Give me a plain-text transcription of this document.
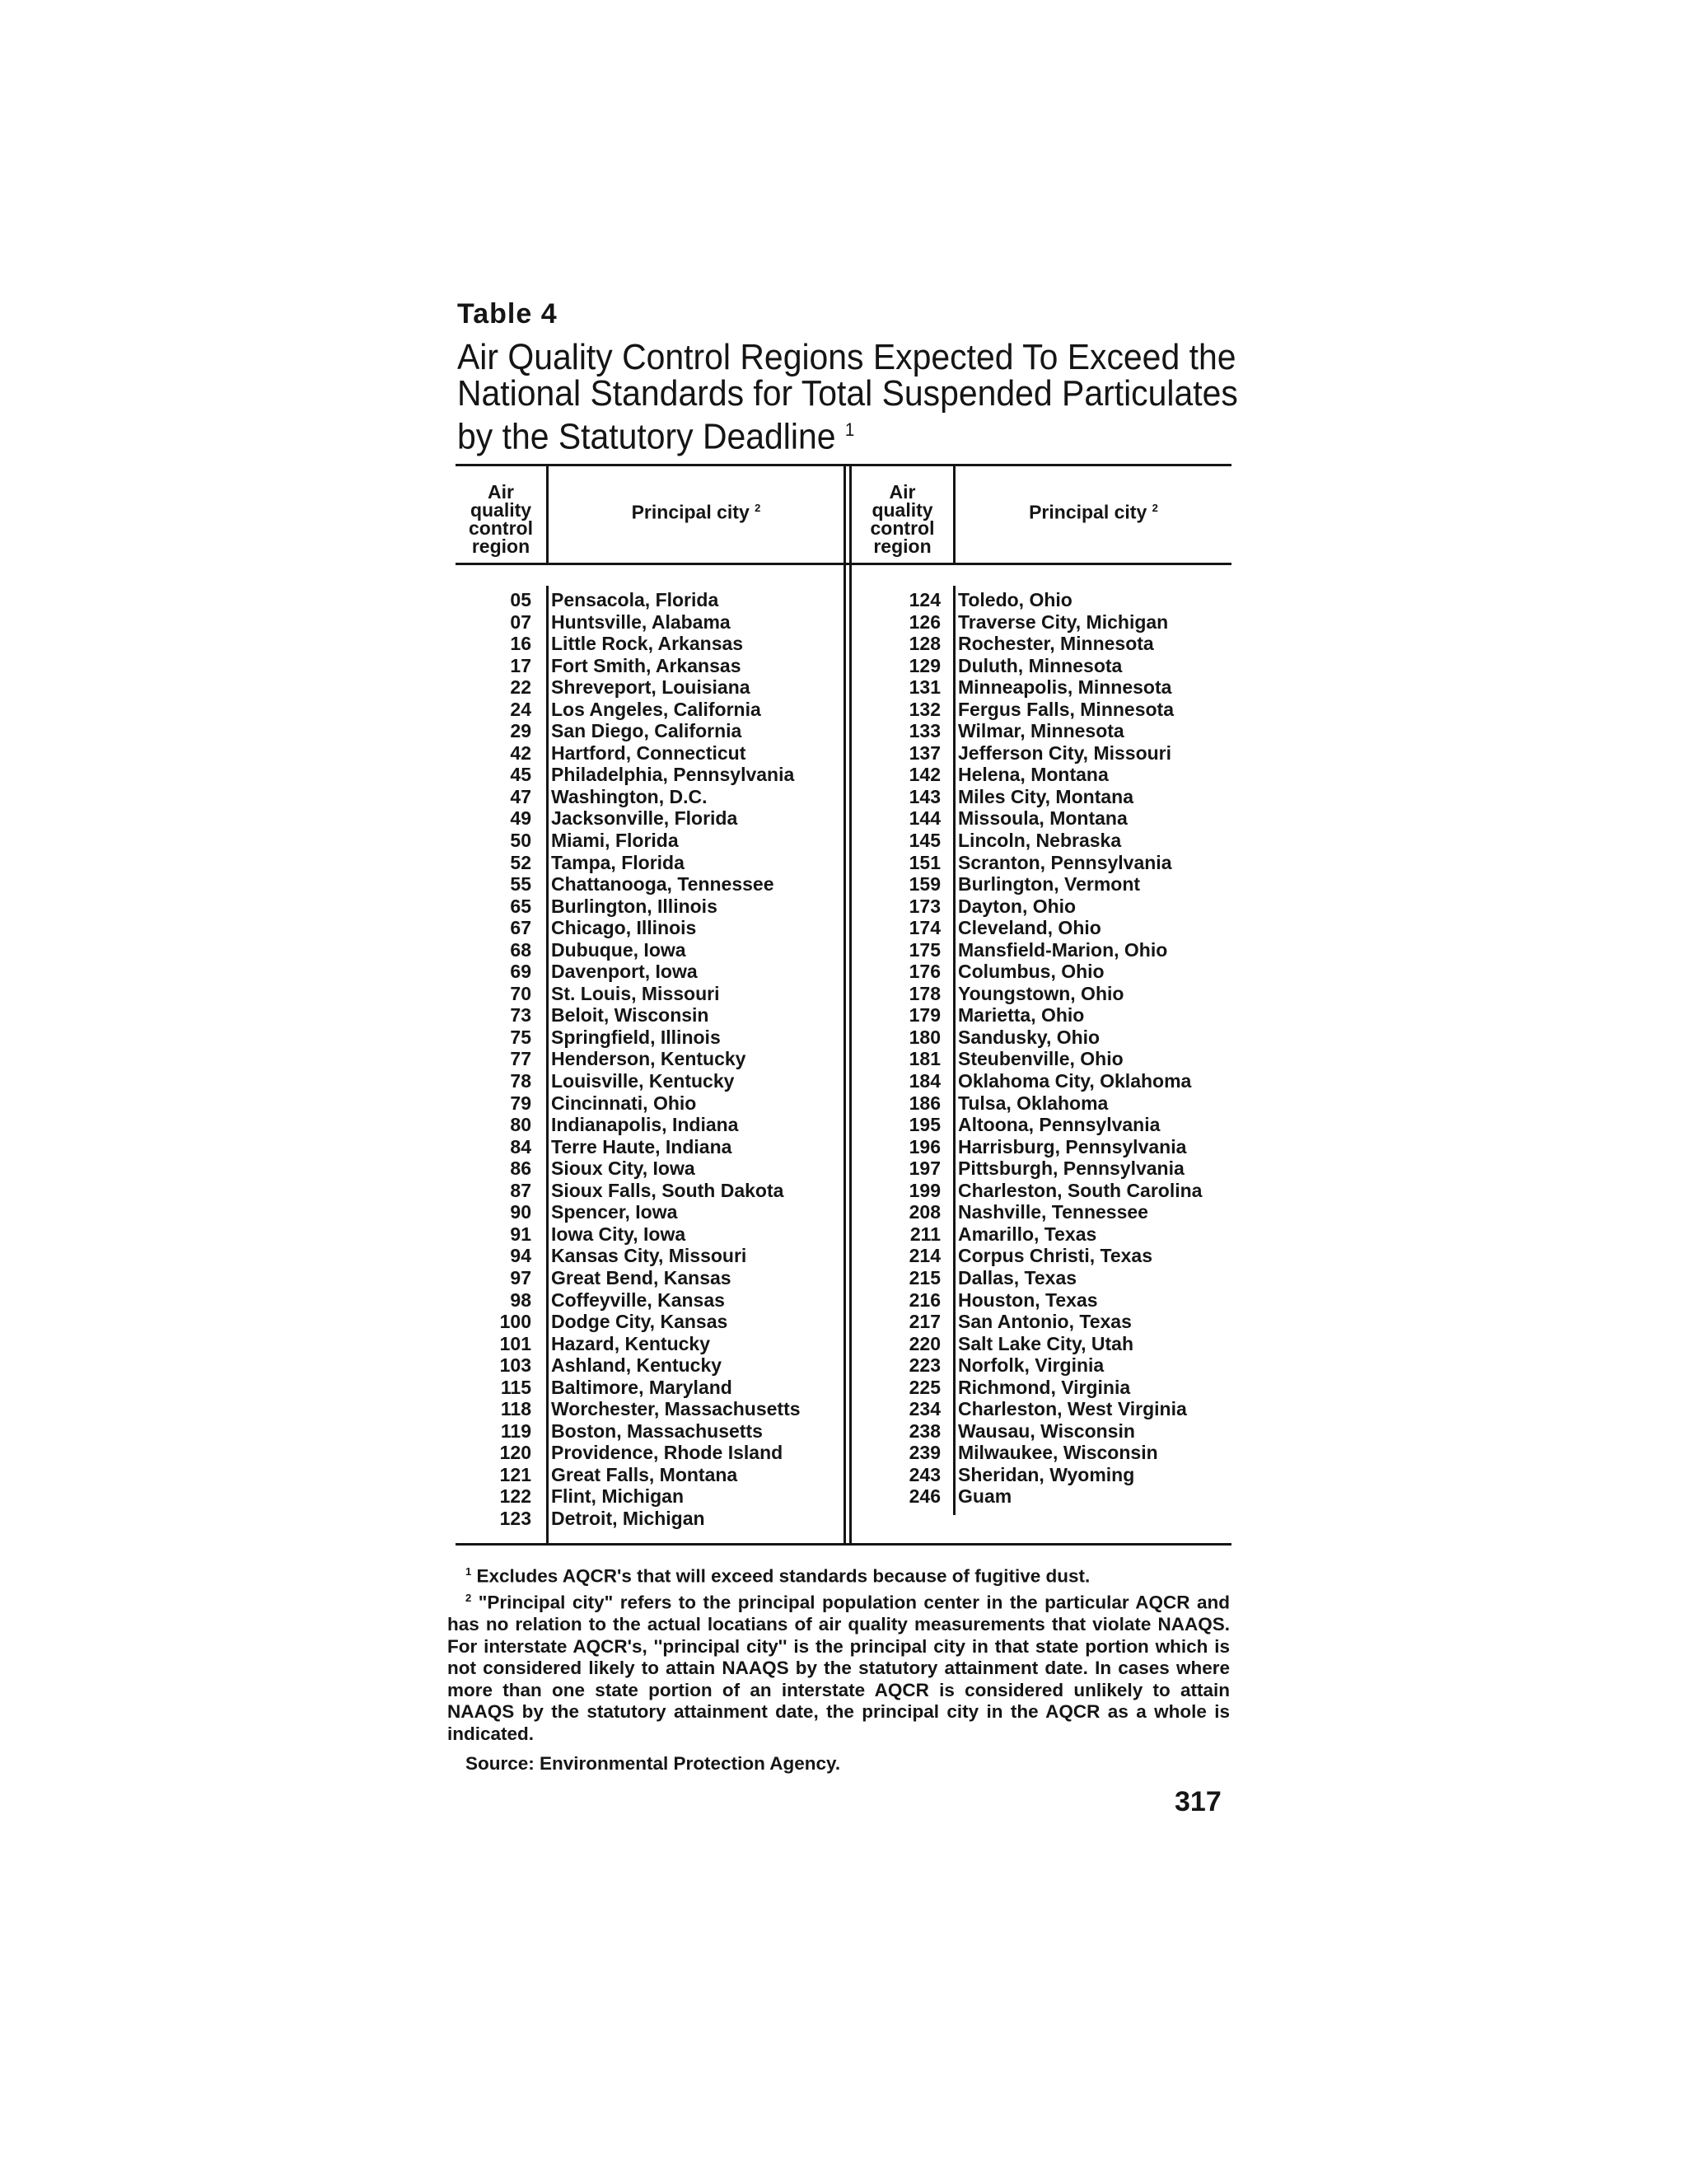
Table 4
Air Quality Control Regions Expected To Exceed the
National Standards for Total Suspended Particulates
by the Statutory Deadline $^1$
Air
quality
control
region
Principal city $^2$
Air
quality
control
region
Principal city $^2$
05
07
16
17
22
24
29
42
45
47
49
50
52
55
65
67
68
69
70
73
75
77
78
79
80
84
86
87
90
91
94
97
98
100
101
103
115
118
119
120
121
122
123
Pensacola, Florida
Huntsville, Alabama
Little Rock, Arkansas
Fort Smith, Arkansas
Shreveport, Louisiana
Los Angeles, California
San Diego, California
Hartford, Connecticut
Philadelphia, Pennsylvania
Washington, D.C.
Jacksonville, Florida
Miami, Florida
Tampa, Florida
Chattanooga, Tennessee
Burlington, Illinois
Chicago, Illinois
Dubuque, Iowa
Davenport, Iowa
St. Louis, Missouri
Beloit, Wisconsin
Springfield, Illinois
Henderson, Kentucky
Louisville, Kentucky
Cincinnati, Ohio
Indianapolis, Indiana
Terre Haute, Indiana
Sioux City, Iowa
Sioux Falls, South Dakota
Spencer, Iowa
Iowa City, Iowa
Kansas City, Missouri
Great Bend, Kansas
Coffeyville, Kansas
Dodge City, Kansas
Hazard, Kentucky
Ashland, Kentucky
Baltimore, Maryland
Worchester, Massachusetts
Boston, Massachusetts
Providence, Rhode Island
Great Falls, Montana
Flint, Michigan
Detroit, Michigan
124
126
128
129
131
132
133
137
142
143
144
145
151
159
173
174
175
176
178
179
180
181
184
186
195
196
197
199
208
211
214
215
216
217
220
223
225
234
238
239
243
246
Toledo, Ohio
Traverse City, Michigan
Rochester, Minnesota
Duluth, Minnesota
Minneapolis, Minnesota
Fergus Falls, Minnesota
Wilmar, Minnesota
Jefferson City, Missouri
Helena, Montana
Miles City, Montana
Missoula, Montana
Lincoln, Nebraska
Scranton, Pennsylvania
Burlington, Vermont
Dayton, Ohio
Cleveland, Ohio
Mansfield-Marion, Ohio
Columbus, Ohio
Youngstown, Ohio
Marietta, Ohio
Sandusky, Ohio
Steubenville, Ohio
Oklahoma City, Oklahoma
Tulsa, Oklahoma
Altoona, Pennsylvania
Harrisburg, Pennsylvania
Pittsburgh, Pennsylvania
Charleston, South Carolina
Nashville, Tennessee
Amarillo, Texas
Corpus Christi, Texas
Dallas, Texas
Houston, Texas
San Antonio, Texas
Salt Lake City, Utah
Norfolk, Virginia
Richmond, Virginia
Charleston, West Virginia
Wausau, Wisconsin
Milwaukee, Wisconsin
Sheridan, Wyoming
Guam

$^1$ Excludes AQCR's that will exceed standards because of fugitive dust.

$^2$ "Principal city" refers to the principal population center in the particular AQCR and has no relation to the actual locatians of air quality measurements that violate NAAQS. For interstate AQCR's, ''principal city'' is the principal city in that state portion which is not considered likely to attain NAAQS by the statutory attainment date. In cases where more than one state portion of an interstate AQCR is considered unlikely to attain NAAQS by the statutory attainment date, the principal city in the AQCR as a whole is indicated.

Source: Environmental Protection Agency.

317
